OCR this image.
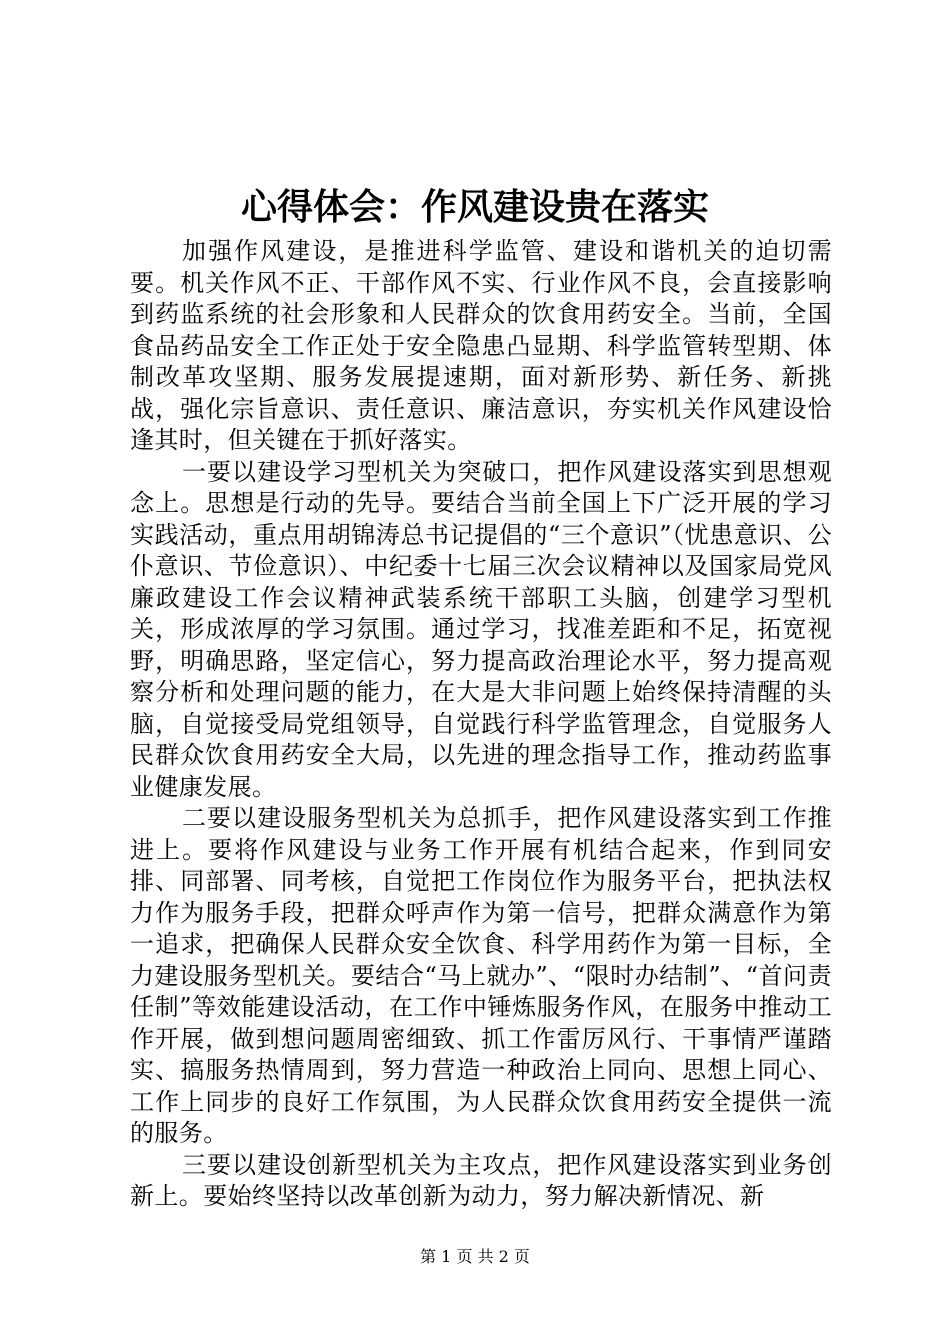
心得体会：作风建设贵在落实

加强作风建设，是推进科学监管、建设和谐机关的迫切需要。机关作风不正、干部作风不实、行业作风不良，会直接影响到药监系统的社会形象和人民群众的饮食用药安全。当前，全国食品药品安全工作正处于安全隐患凸显期、科学监管转型期、体制改革攻坚期、服务发展提速期，面对新形势、新任务、新挑战，强化宗旨意识、责任意识、廉洁意识，夯实机关作风建设恰逢其时，但关键在于抓好落实。

一要以建设学习型机关为突破口，把作风建设落实到思想观念上。思想是行动的先导。要结合当前全国上下广泛开展的学习实践活动，重点用胡锦涛总书记提倡的“三个意识”（忧患意识、公仆意识、节俭意识）、中纪委十七届三次会议精神以及国家局党风廉政建设工作会议精神武装系统干部职工头脑，创建学习型机关，形成浓厚的学习氛围。通过学习，找准差距和不足，拓宽视野，明确思路，坚定信心，努力提高政治理论水平，努力提高观察分析和处理问题的能力，在大是大非问题上始终保持清醒的头脑，自觉接受局党组领导，自觉践行科学监管理念，自觉服务人民群众饮食用药安全大局，以先进的理念指导工作，推动药监事业健康发展。

二要以建设服务型机关为总抓手，把作风建设落实到工作推进上。要将作风建设与业务工作开展有机结合起来，作到同安排、同部署、同考核，自觉把工作岗位作为服务平台，把执法权力作为服务手段，把群众呼声作为第一信号，把群众满意作为第一追求，把确保人民群众安全饮食、科学用药作为第一目标，全力建设服务型机关。要结合“马上就办”、“限时办结制”、“首问责任制”等效能建设活动，在工作中锤炼服务作风，在服务中推动工作开展，做到想问题周密细致、抓工作雷厉风行、干事情严谨踏实、搞服务热情周到，努力营造一种政治上同向、思想上同心、工作上同步的良好工作氛围，为人民群众饮食用药安全提供一流的服务。

三要以建设创新型机关为主攻点，把作风建设落实到业务创新上。要始终坚持以改革创新为动力，努力解决新情况、新

第 1 页 共 2 页
